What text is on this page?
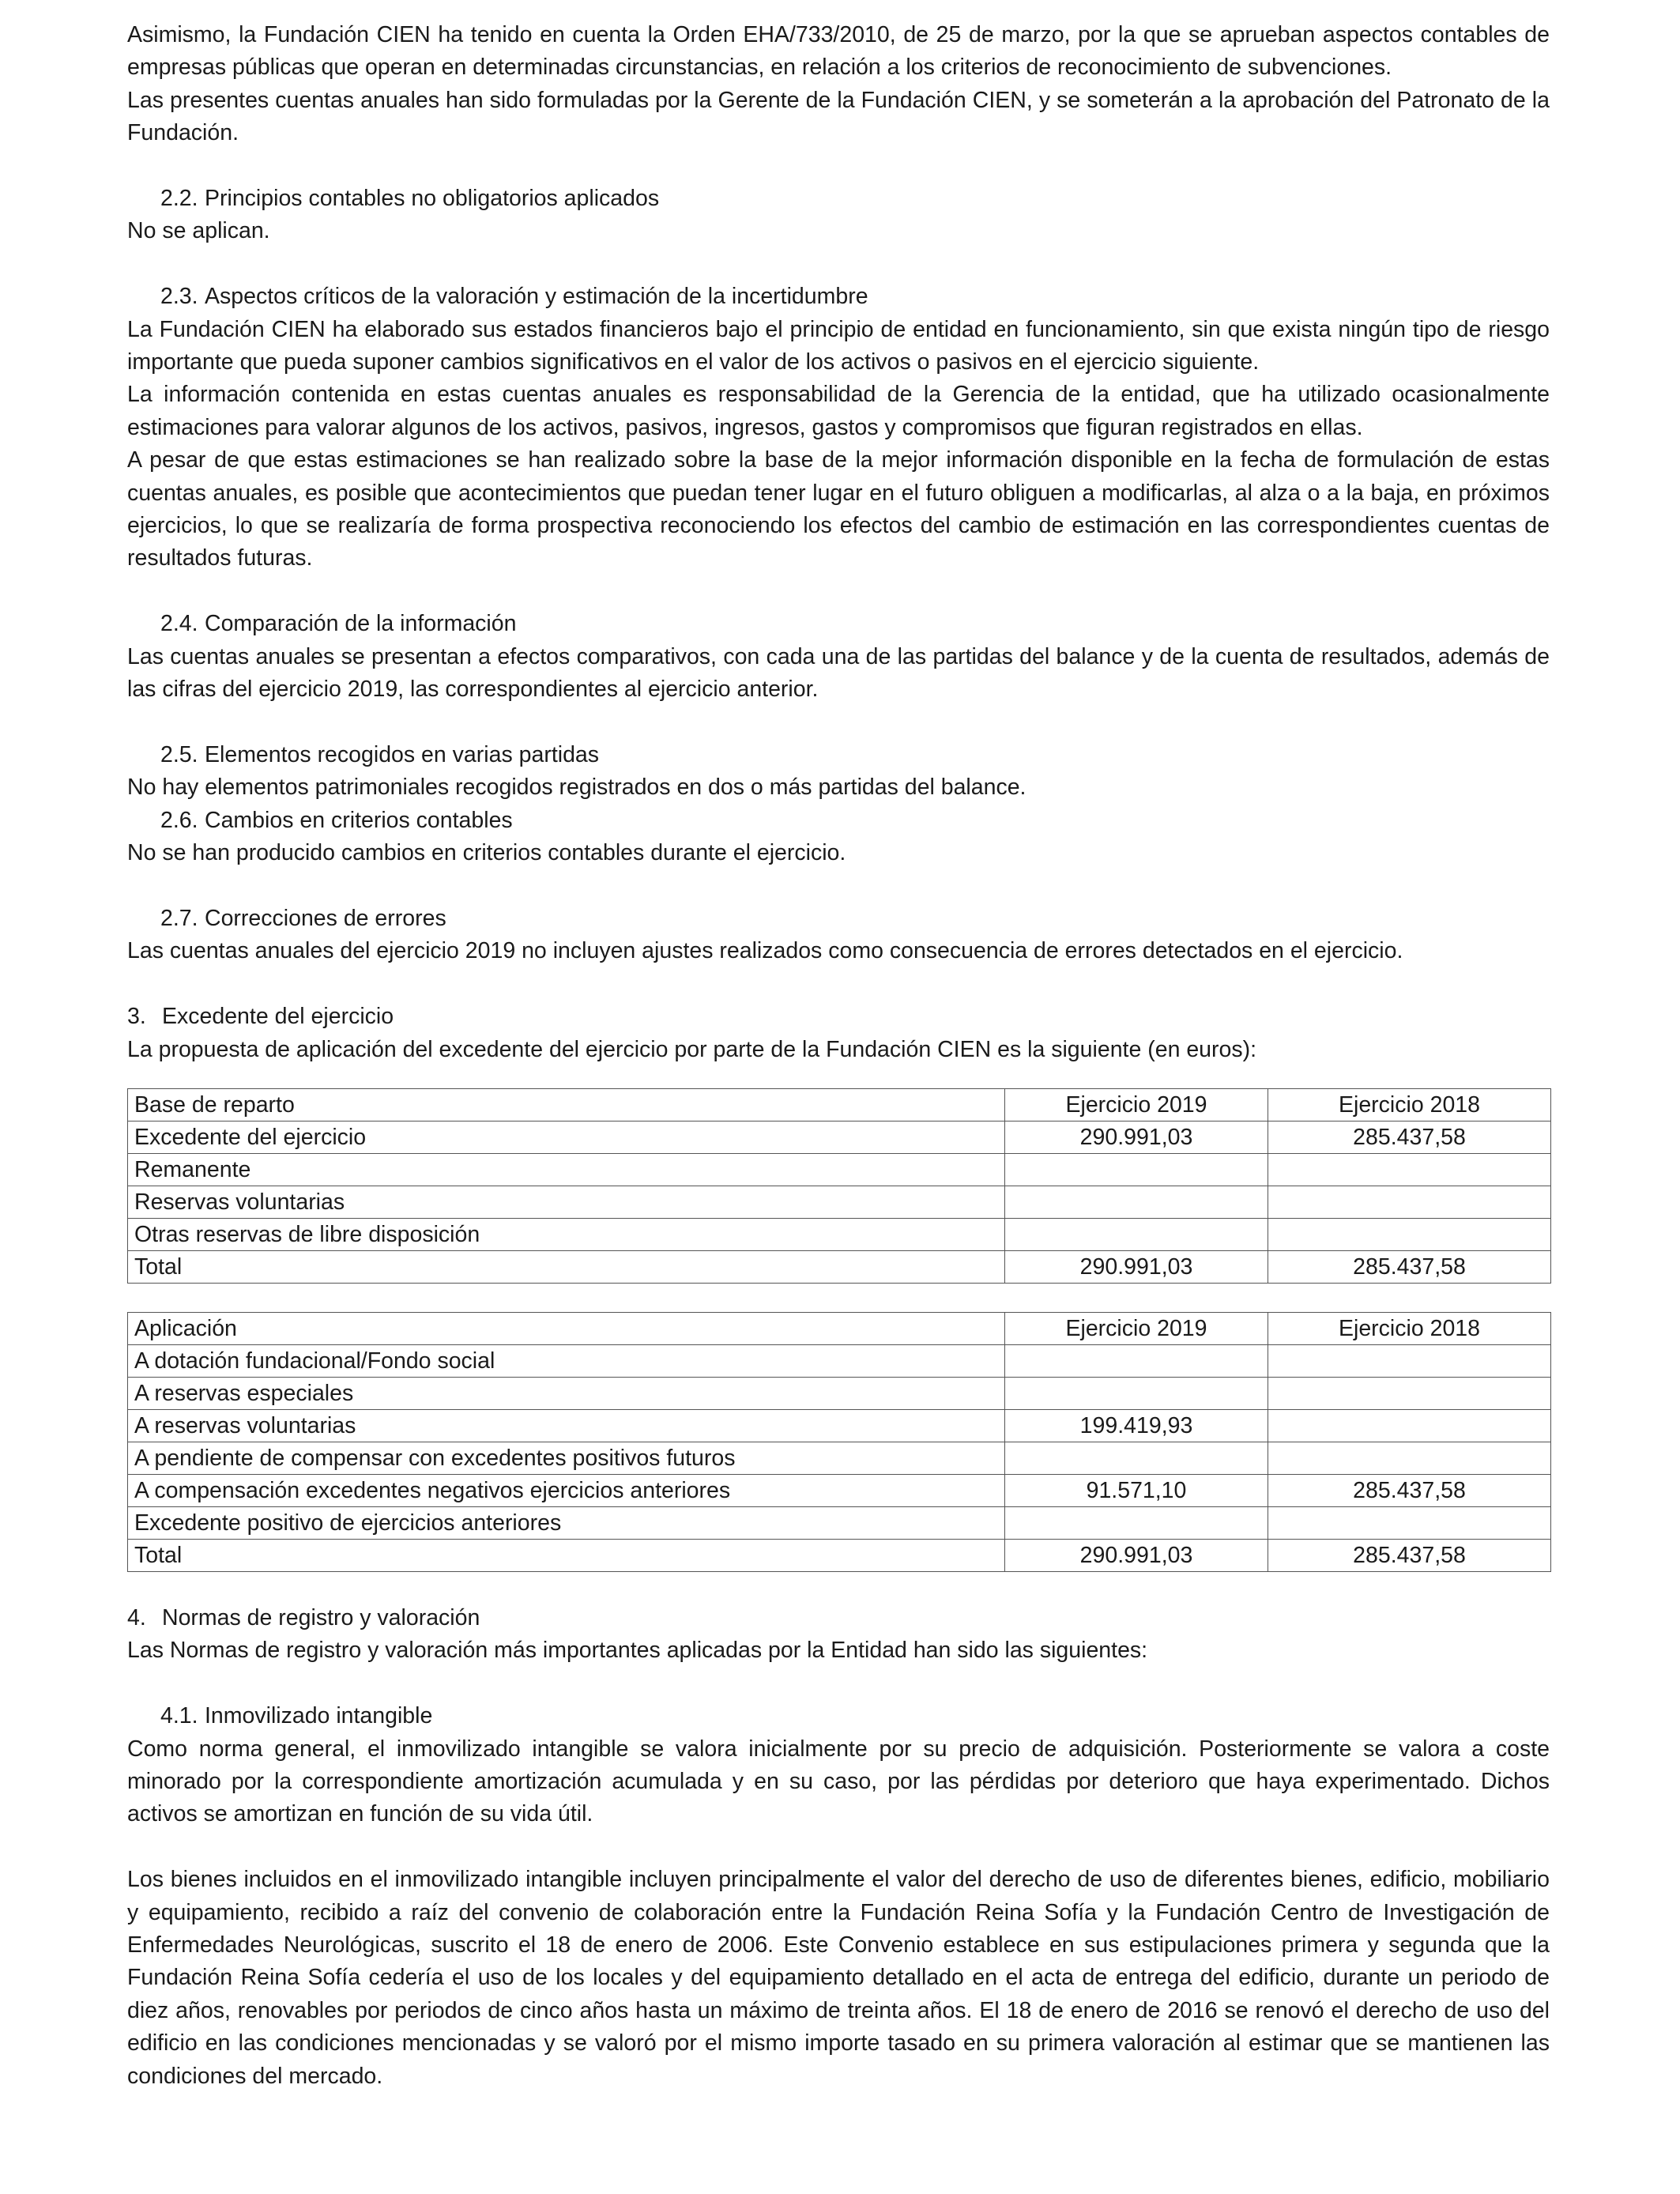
Asimismo, la Fundación CIEN ha tenido en cuenta la Orden EHA/733/2010, de 25 de marzo, por la que se aprueban aspectos contables de empresas públicas que operan en determinadas circunstancias, en relación a los criterios de reconocimiento de subvenciones.

Las presentes cuentas anuales han sido formuladas por la Gerente de la Fundación CIEN, y se someterán a la aprobación del Patronato de la Fundación.

2.2. Principios contables no obligatorios aplicados

No se aplican.

2.3. Aspectos críticos de la valoración y estimación de la incertidumbre

La Fundación CIEN ha elaborado sus estados financieros bajo el principio de entidad en funcionamiento, sin que exista ningún tipo de riesgo importante que pueda suponer cambios significativos en el valor de los activos o pasivos en el ejercicio siguiente.

La información contenida en estas cuentas anuales es responsabilidad de la Gerencia de la entidad, que ha utilizado ocasionalmente estimaciones para valorar algunos de los activos, pasivos, ingresos, gastos y compromisos que figuran registrados en ellas.

A pesar de que estas estimaciones se han realizado sobre la base de la mejor información disponible en la fecha de formulación de estas cuentas anuales, es posible que acontecimientos que puedan tener lugar en el futuro obliguen a modificarlas, al alza o a la baja, en próximos ejercicios, lo que se realizaría de forma prospectiva reconociendo los efectos del cambio de estimación en las correspondientes cuentas de resultados futuras.

2.4. Comparación de la información

Las cuentas anuales se presentan a efectos comparativos, con cada una de las partidas del balance y de la cuenta de resultados, además de las cifras del ejercicio 2019, las correspondientes al ejercicio anterior.

2.5. Elementos recogidos en varias partidas

No hay elementos patrimoniales recogidos registrados en dos o más partidas del balance.

2.6. Cambios en criterios contables

No se han producido cambios en criterios contables durante el ejercicio.

2.7. Correcciones de errores

Las cuentas anuales del ejercicio 2019 no incluyen ajustes realizados como consecuencia de errores detectados en el ejercicio.

3. Excedente del ejercicio

La propuesta de aplicación del excedente del ejercicio por parte de la Fundación CIEN es la siguiente (en euros):

Base de reparto	Ejercicio 2019	Ejercicio 2018
Excedente del ejercicio	290.991,03	285.437,58
Remanente		
Reservas voluntarias		
Otras reservas de libre disposición		
Total	290.991,03	285.437,58
Aplicación	Ejercicio 2019	Ejercicio 2018
A dotación fundacional/Fondo social		
A reservas especiales		
A reservas voluntarias	199.419,93	
A pendiente de compensar con excedentes positivos futuros		
A compensación excedentes negativos ejercicios anteriores	91.571,10	285.437,58
Excedente positivo de ejercicios anteriores		
Total	290.991,03	285.437,58

4. Normas de registro y valoración

Las Normas de registro y valoración más importantes aplicadas por la Entidad han sido las siguientes:

4.1. Inmovilizado intangible

Como norma general, el inmovilizado intangible se valora inicialmente por su precio de adquisición. Posteriormente se valora a coste minorado por la correspondiente amortización acumulada y en su caso, por las pérdidas por deterioro que haya experimentado. Dichos activos se amortizan en función de su vida útil.

Los bienes incluidos en el inmovilizado intangible incluyen principalmente el valor del derecho de uso de diferentes bienes, edificio, mobiliario y equipamiento, recibido a raíz del convenio de colaboración entre la Fundación Reina Sofía y la Fundación Centro de Investigación de Enfermedades Neurológicas, suscrito el 18 de enero de 2006. Este Convenio establece en sus estipulaciones primera y segunda que la Fundación Reina Sofía cedería el uso de los locales y del equipamiento detallado en el acta de entrega del edificio, durante un periodo de diez años, renovables por periodos de cinco años hasta un máximo de treinta años. El 18 de enero de 2016 se renovó el derecho de uso del edificio en las condiciones mencionadas y se valoró por el mismo importe tasado en su primera valoración al estimar que se mantienen las condiciones del mercado.
